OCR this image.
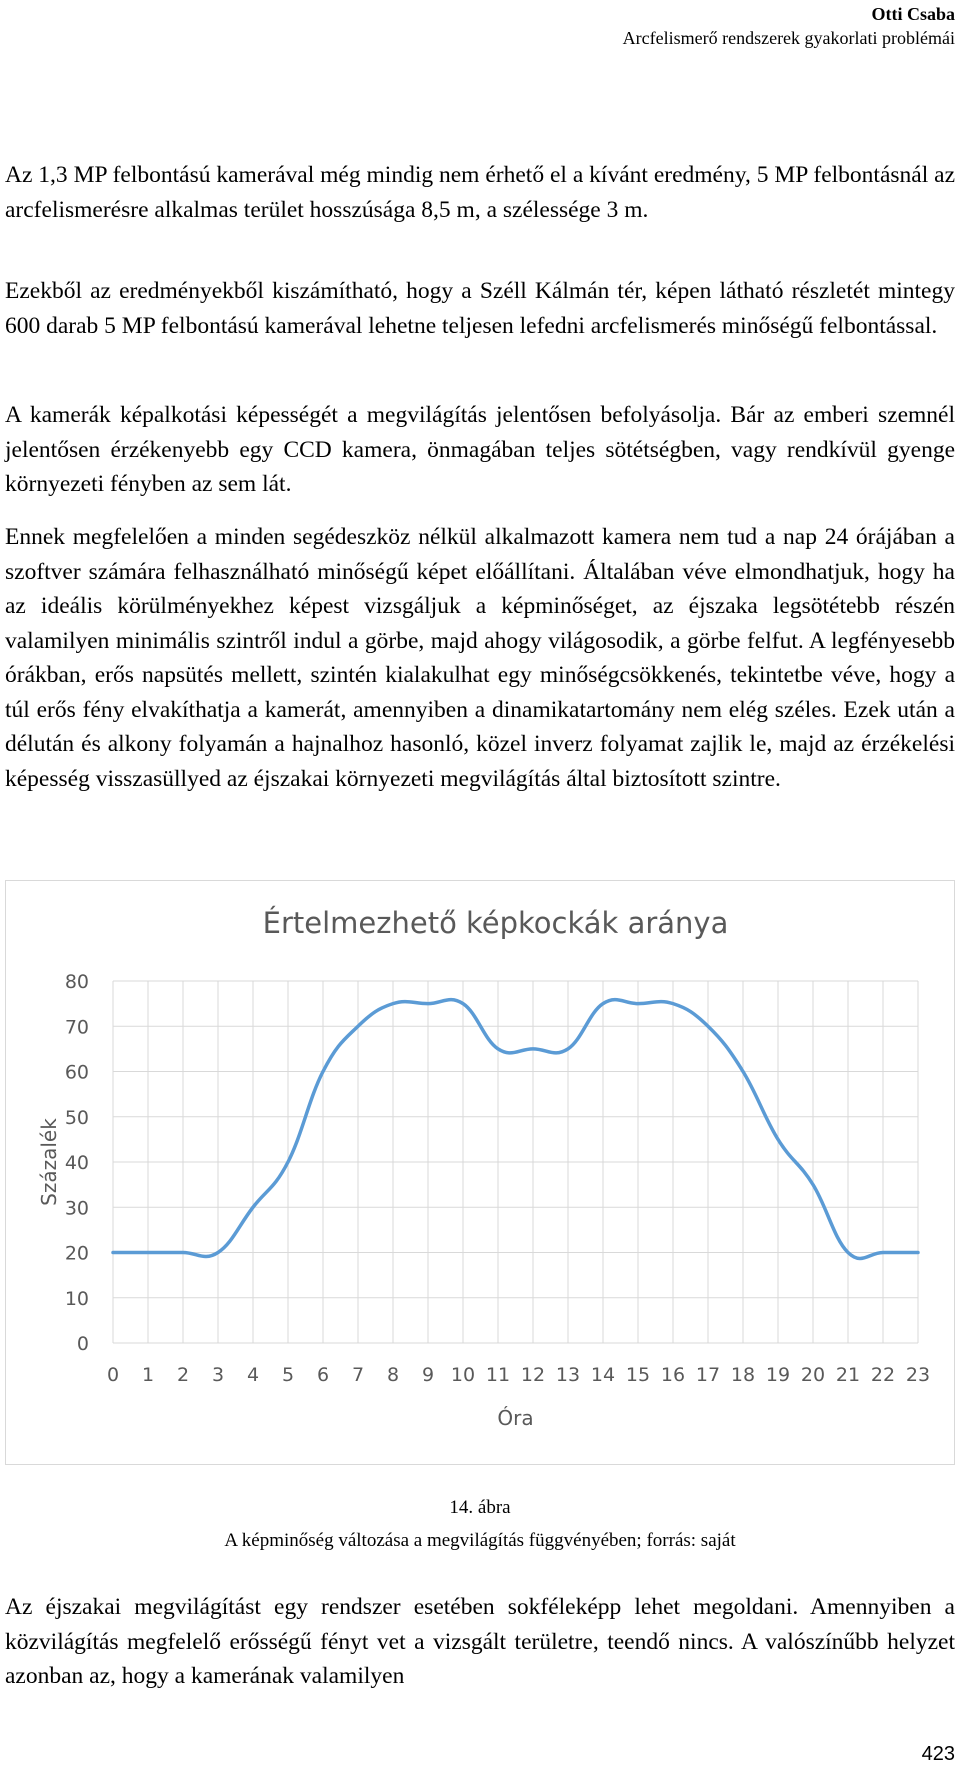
Otti Csaba
Arcfelismerő rendszerek gyakorlati problémái

Az 1,3 MP felbontású kamerával még mindig nem érhető el a kívánt eredmény, 5 MP felbontásnál az arcfelismerésre alkalmas terület hosszúsága 8,5 m, a szélessége 3 m.

Ezekből az eredményekből kiszámítható, hogy a Széll Kálmán tér, képen látható részletét mintegy 600 darab 5 MP felbontású kamerával lehetne teljesen lefedni arcfelismerés minőségű felbontással.

A kamerák képalkotási képességét a megvilágítás jelentősen befolyásolja. Bár az emberi szemnél jelentősen érzékenyebb egy CCD kamera, önmagában teljes sötétségben, vagy rendkívül gyenge környezeti fényben az sem lát.

Ennek megfelelően a minden segédeszköz nélkül alkalmazott kamera nem tud a nap 24 órájában a szoftver számára felhasználható minőségű képet előállítani. Általában véve elmondhatjuk, hogy ha az ideális körülményekhez képest vizsgáljuk a képminőséget, az éjszaka legsötétebb részén valamilyen minimális szintről indul a görbe, majd ahogy világosodik, a görbe felfut. A legfényesebb órákban, erős napsütés mellett, szintén kialakulhat egy minőségcsökkenés, tekintetbe véve, hogy a túl erős fény elvakíthatja a kamerát, amennyiben a dinamikatartomány nem elég széles. Ezek után a délután és alkony folyamán a hajnalhoz hasonló, közel inverz folyamat zajlik le, majd az érzékelési képesség visszasüllyed az éjszakai környezeti megvilágítás által biztosított szintre.

0
10
20
30
40
50
60
70
80
0 1 2 3 4 5 6 7 8 9 10 11 12 13 14 15 16 17 18 19 20 21 22 23
Értelmezhető képkockák aránya
Óra
Százalék
14. ábra
A képminőség változása a megvilágítás függvényében; forrás: saját

Az éjszakai megvilágítást egy rendszer esetében sokféleképp lehet megoldani. Amennyiben a közvilágítás megfelelő erősségű fényt vet a vizsgált területre, teendő nincs. A valószínűbb helyzet azonban az, hogy a kamerának valamilyen

423
